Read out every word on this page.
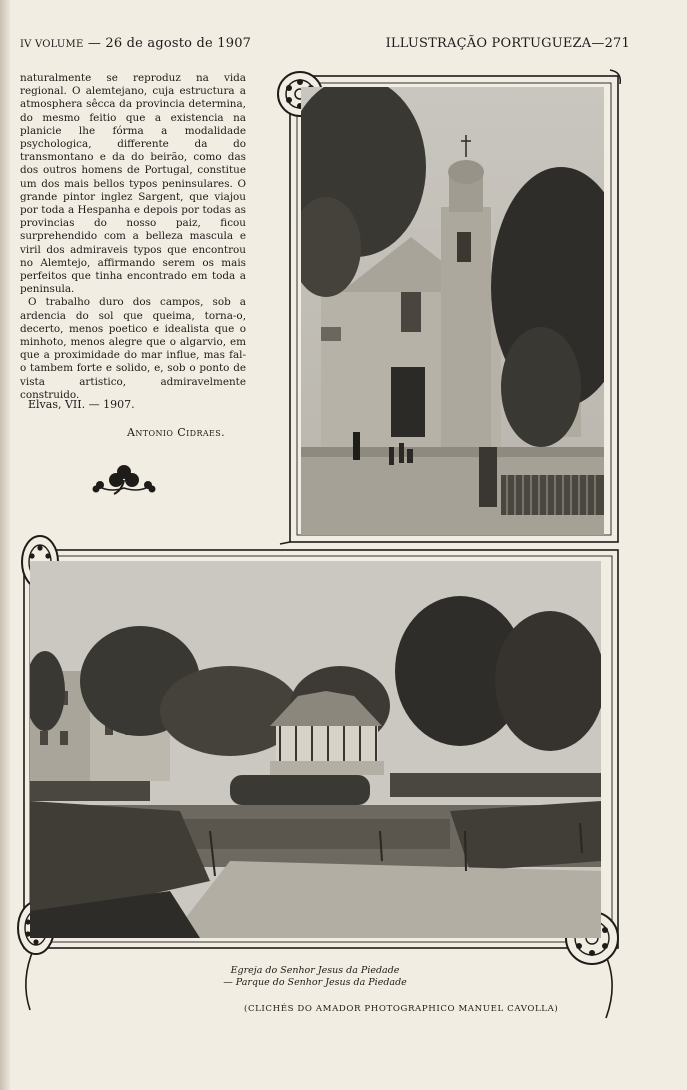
IV VOLUME — 26 de agosto de 1907	ILLUSTRAÇÃO PORTUGUEZA—271

naturalmente se reproduz na vida regional. O alemtejano, cuja estructura a atmosphera sêcca da provincia determina, do mesmo feitio que a existencia na planicie lhe fórma a modalidade psychologica, differente da do transmontano e da do beirão, como das dos outros homens de Portugal, constitue um dos mais bellos typos peninsulares. O grande pintor inglez Sargent, que viajou por toda a Hespanha e depois por todas as provincias do nosso paiz, ficou surprehendido com a belleza mascula e viril dos admiraveis typos que encontrou no Alemtejo, affirmando serem os mais perfeitos que tinha encontrado em toda a peninsula.

O trabalho duro dos campos, sob a ardencia do sol que queima, torna-o, decerto, menos poetico e idealista que o minhoto, menos alegre que o algarvio, em que a proximidade do mar influe, mas fal-o tambem forte e solido, e, sob o ponto de vista artistico, admiravelmente construido.

Elvas, VII. — 1907.
Antonio Cidraes.
Egreja do Senhor Jesus da Piedade
— Parque do Senhor Jesus da Piedade
(CLICHÉS DO AMADOR PHOTOGRAPHICO MANUEL CAVOLLA)
